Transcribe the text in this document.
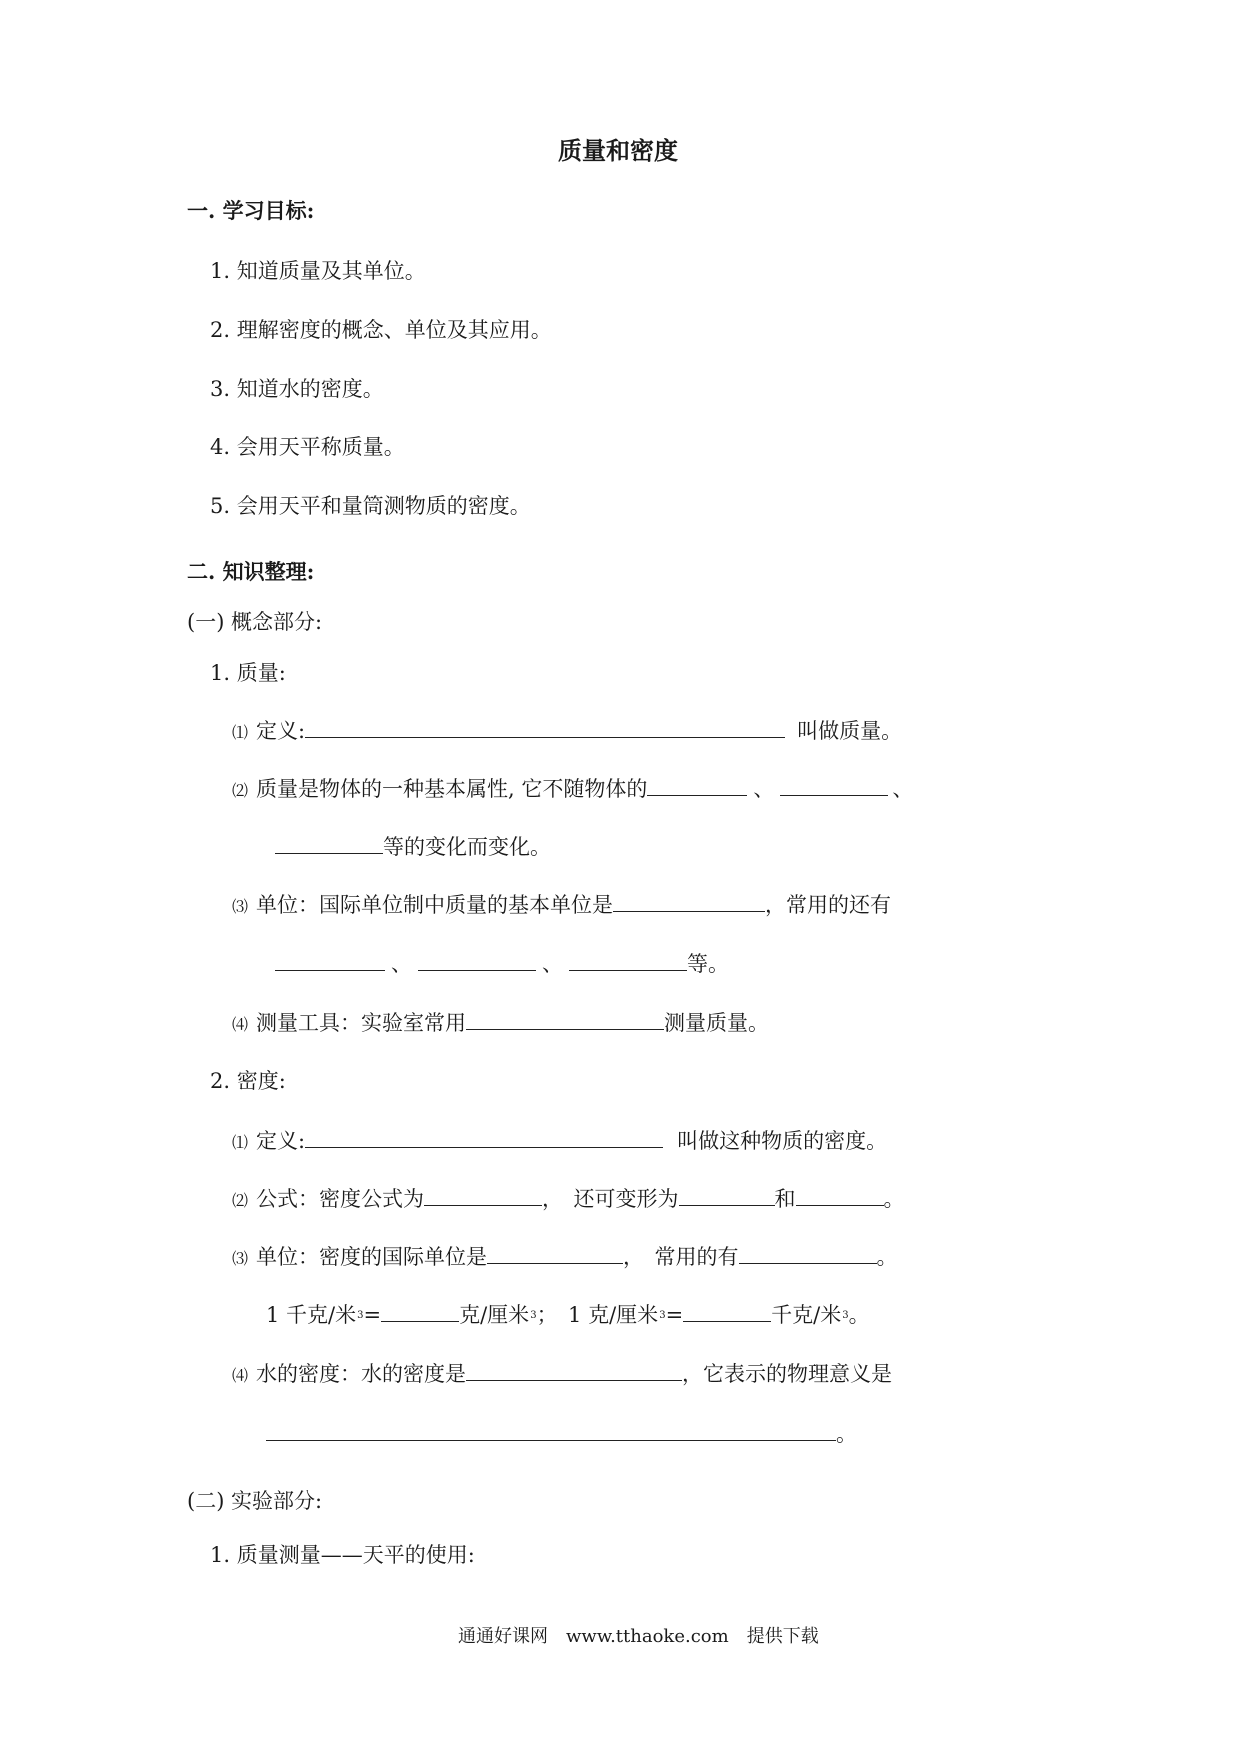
质量和密度
一. 学习目标:
1. 知道质量及其单位。
2. 理解密度的概念、单位及其应用。
3. 知道水的密度。
4. 会用天平称质量。
5. 会用天平和量筒测物质的密度。
二. 知识整理:
(一) 概念部分:
1. 质量:
⑴ 定义:	叫做质量。
⑵ 质量是物体的一种基本属性, 它不随物体的	、	、
等的变化而变化。
⑶ 单位：国际单位制中质量的基本单位是	，常用的还有
、	、	等。
⑷ 测量工具：实验室常用	测量质量。
2. 密度:
⑴ 定义:	叫做这种物质的密度。
⑵ 公式：密度公式为	，　还可变形为	和	。
⑶ 单位：密度的国际单位是	，　常用的有	。
1 千克/米$^3$=	克/厘米$^3$；　1 克/厘米$^3$=	千克/米$^3$。
⑷ 水的密度：水的密度是	，它表示的物理意义是
。
(二) 实验部分:
1. 质量测量——天平的使用:
通通好课网　www.tthaoke.com　提供下载
